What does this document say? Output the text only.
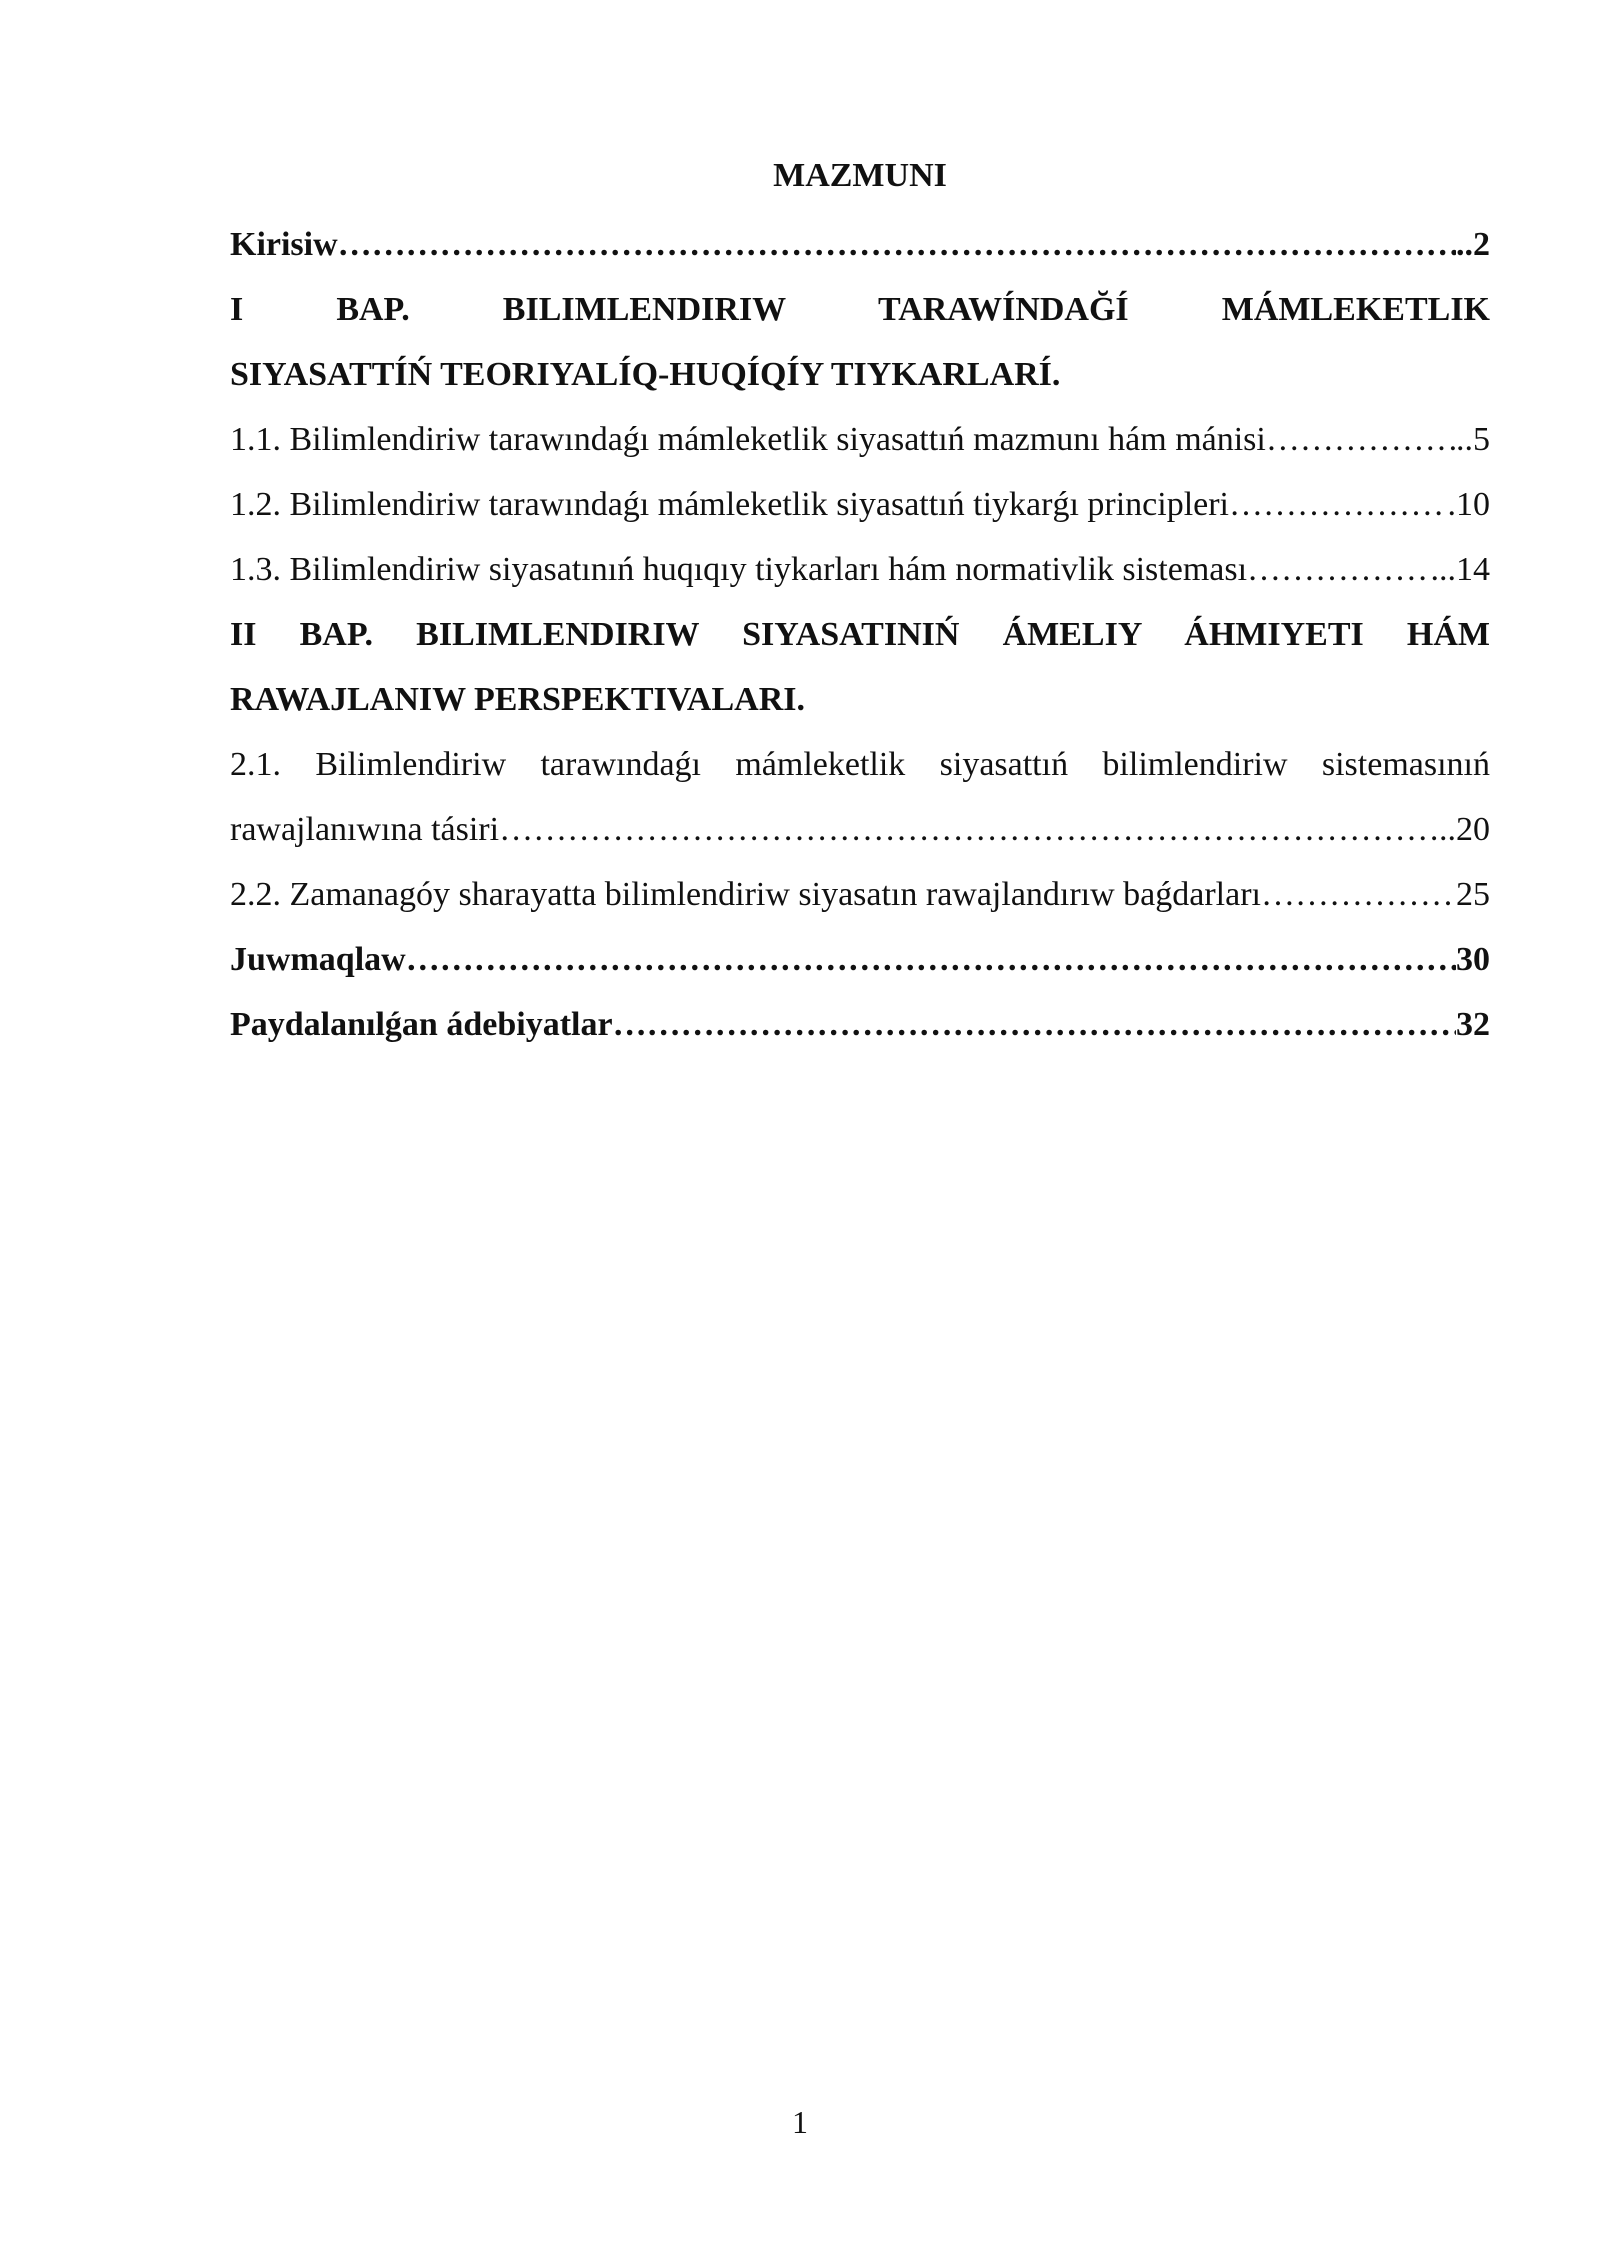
MAZMUNI
Kirisiw ……………………………………………………………………………………………………………………………………………………………………………………………………………………	..2
I BAP. BILIMLENDIRIW TARAWÍNDAĞÍ MÁMLEKETLIK
SIYASATTÍŃ TEORIYALÍQ-HUQÍQÍY TIYKARLARÍ.
1.1. Bilimlendiriw tarawındaǵı mámleketlik siyasattıń mazmunı hám mánisi ……………………………………………………………………………………………………………………………………………………………………………………………………………………	..5
1.2. Bilimlendiriw tarawındaǵı mámleketlik siyasattıń tiykarǵı principleri ……………………………………………………………………………………………………………………………………………………………………………………………………………………	.10
1.3. Bilimlendiriw siyasatınıń huqıqıy tiykarları hám normativlik sisteması ……………………………………………………………………………………………………………………………………………………………………………………………………………………	...14
II BAP. BILIMLENDIRIW SIYASATINIŃ ÁMELIY ÁHMIYETI HÁM
RAWAJLANIW PERSPEKTIVALARI.
2.1. Bilimlendiriw tarawındaǵı mámleketlik siyasattıń bilimlendiriw sistemasınıń
rawajlanıwına tásiri ……………………………………………………………………………………………………………………………………………………………………………………………………………………	..20
2.2. Zamanagóy sharayatta bilimlendiriw siyasatın rawajlandırıw baǵdarları ……………………………………………………………………………………………………………………………………………………………………………………………………………………	25
Juwmaqlaw ……………………………………………………………………………………………………………………………………………………………………………………………………………………	30
Paydalanılǵan ádebiyatlar ……………………………………………………………………………………………………………………………………………………………………………………………………………………	32
1
